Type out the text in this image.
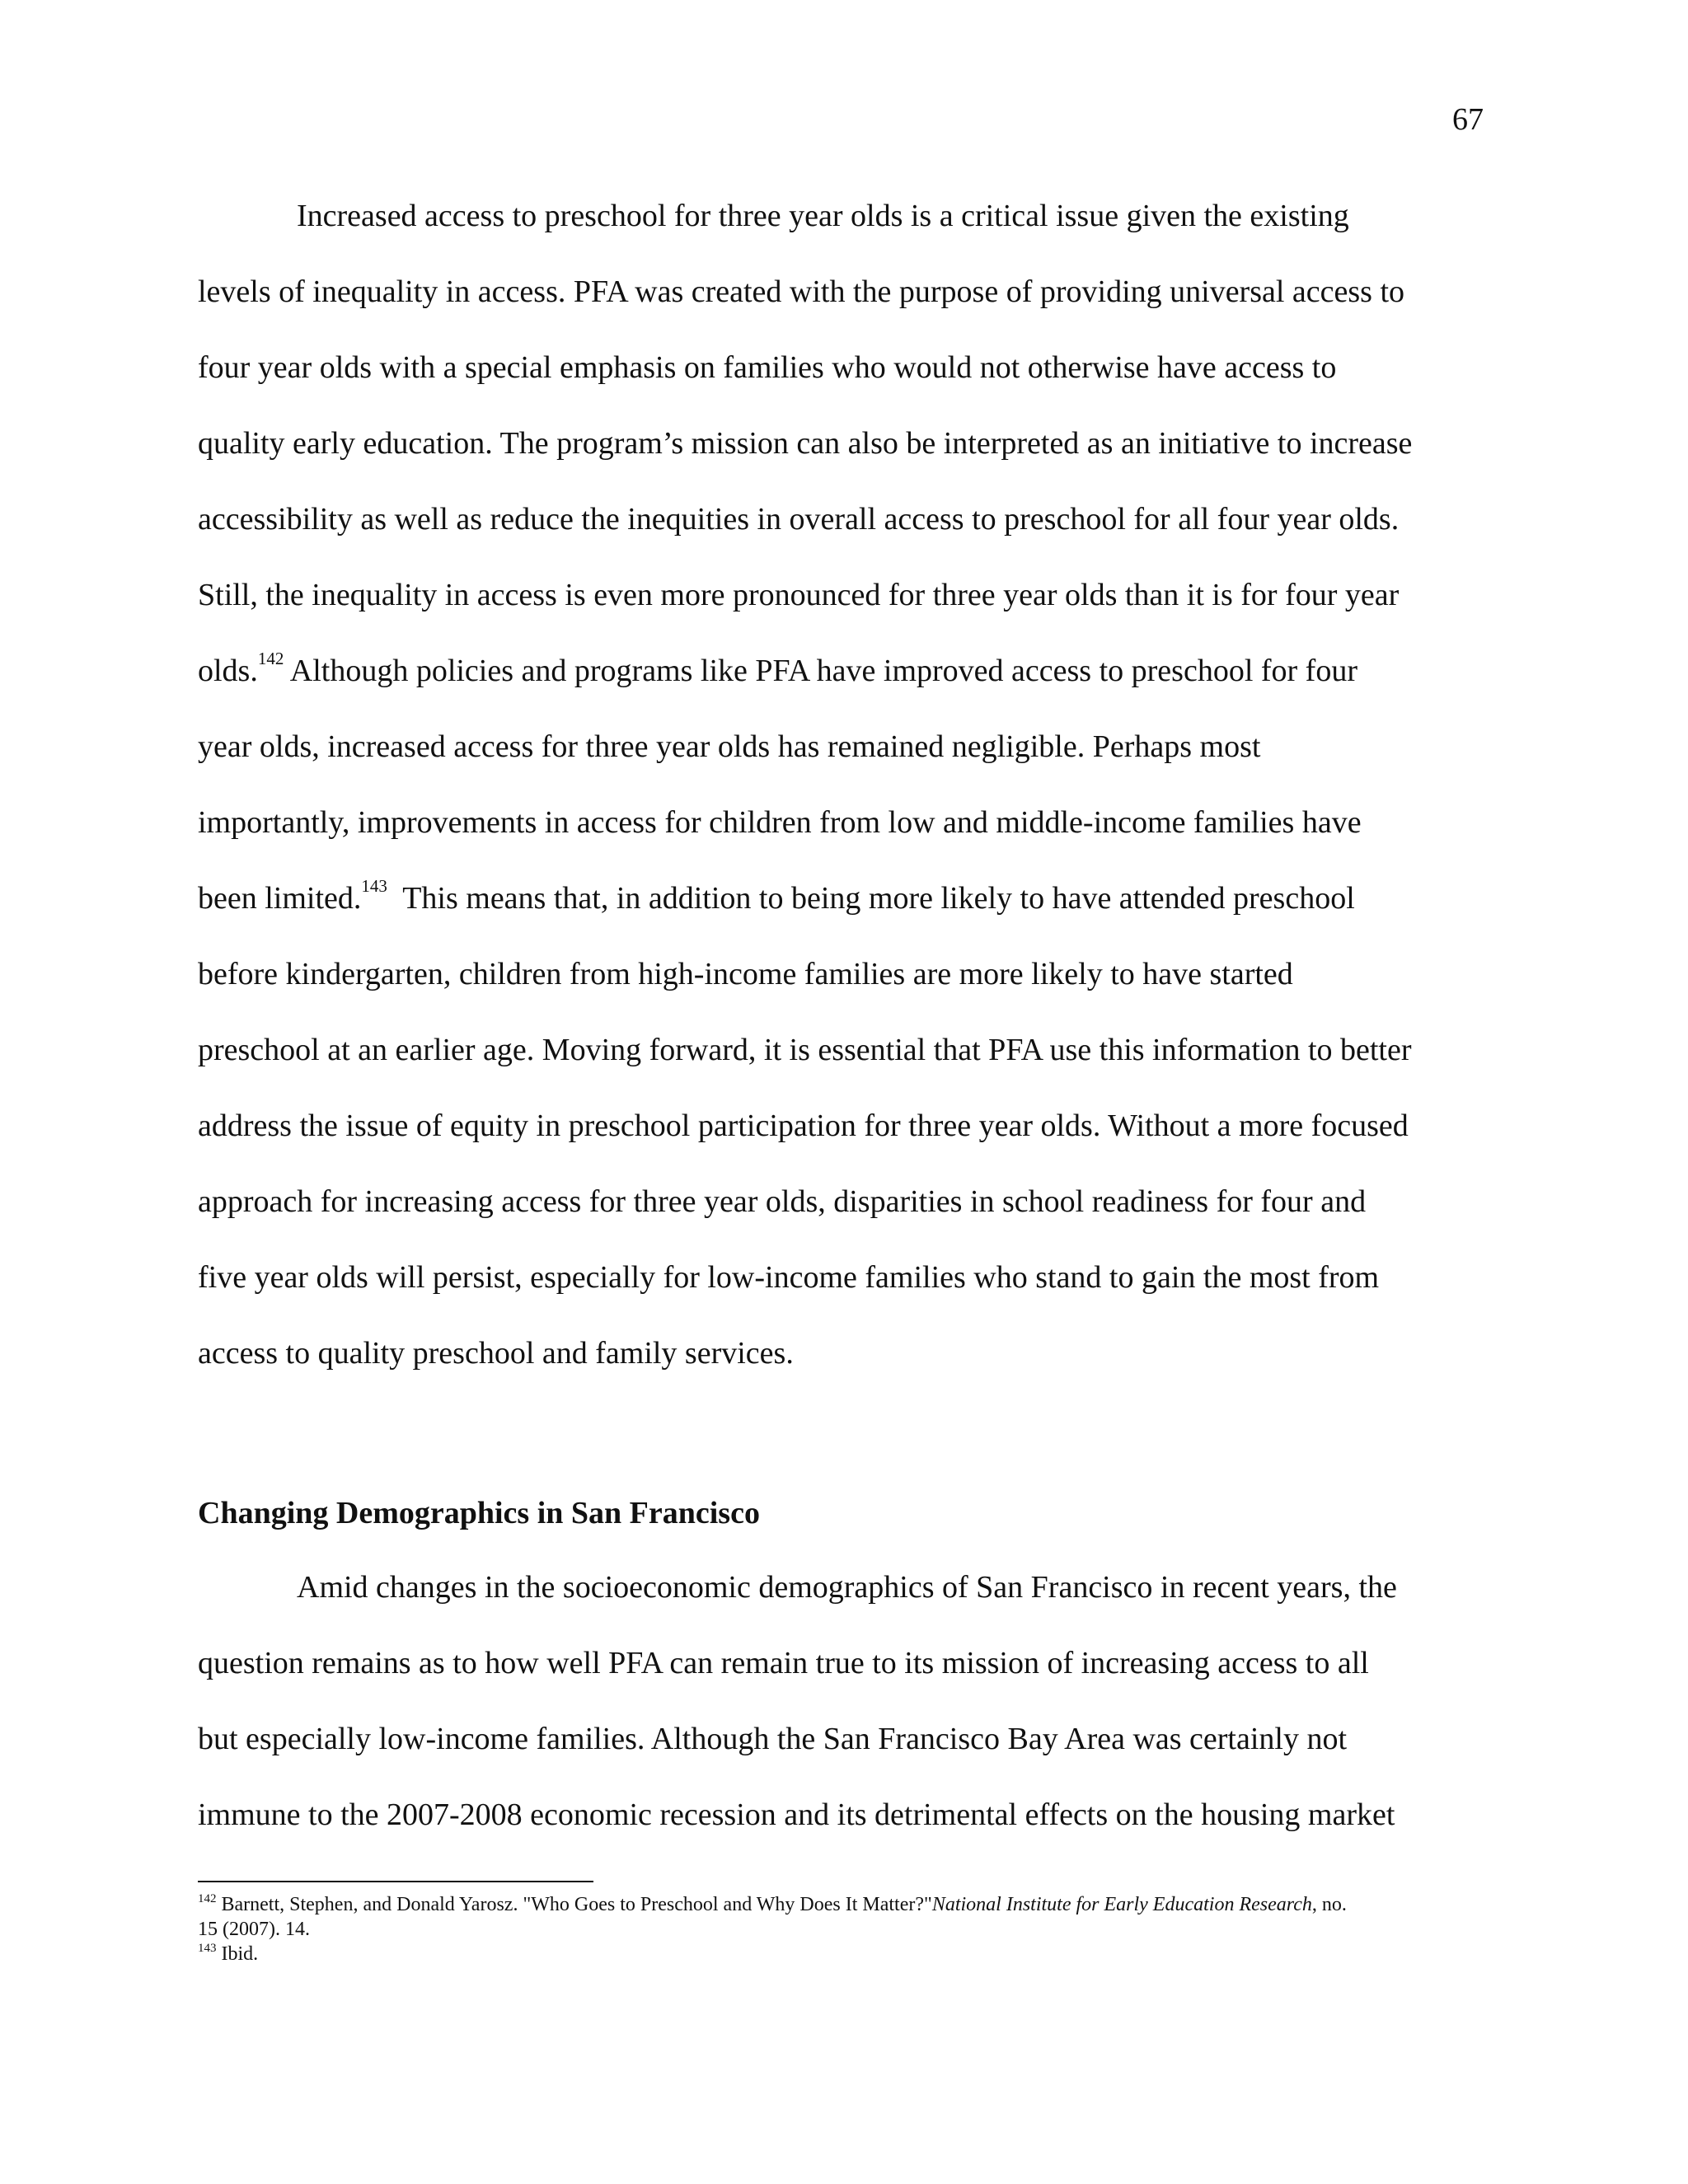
67
Increased access to preschool for three year olds is a critical issue given the existing
levels of inequality in access. PFA was created with the purpose of providing universal access to
four year olds with a special emphasis on families who would not otherwise have access to
quality early education. The program’s mission can also be interpreted as an initiative to increase
accessibility as well as reduce the inequities in overall access to preschool for all four year olds.
Still, the inequality in access is even more pronounced for three year olds than it is for four year
olds.$^{142}$ Although policies and programs like PFA have improved access to preschool for four
year olds, increased access for three year olds has remained negligible. Perhaps most
importantly, improvements in access for children from low and middle-income families have
been limited.$^{143}$  This means that, in addition to being more likely to have attended preschool
before kindergarten, children from high-income families are more likely to have started
preschool at an earlier age. Moving forward, it is essential that PFA use this information to better
address the issue of equity in preschool participation for three year olds. Without a more focused
approach for increasing access for three year olds, disparities in school readiness for four and
five year olds will persist, especially for low-income families who stand to gain the most from
access to quality preschool and family services.
Changing Demographics in San Francisco
Amid changes in the socioeconomic demographics of San Francisco in recent years, the
question remains as to how well PFA can remain true to its mission of increasing access to all
but especially low-income families. Although the San Francisco Bay Area was certainly not
immune to the 2007-2008 economic recession and its detrimental effects on the housing market
$^{142}$ Barnett, Stephen, and Donald Yarosz. "Who Goes to Preschool and Why Does It Matter?"National Institute for Early Education Research, no.
15 (2007). 14.
$^{143}$ Ibid.
